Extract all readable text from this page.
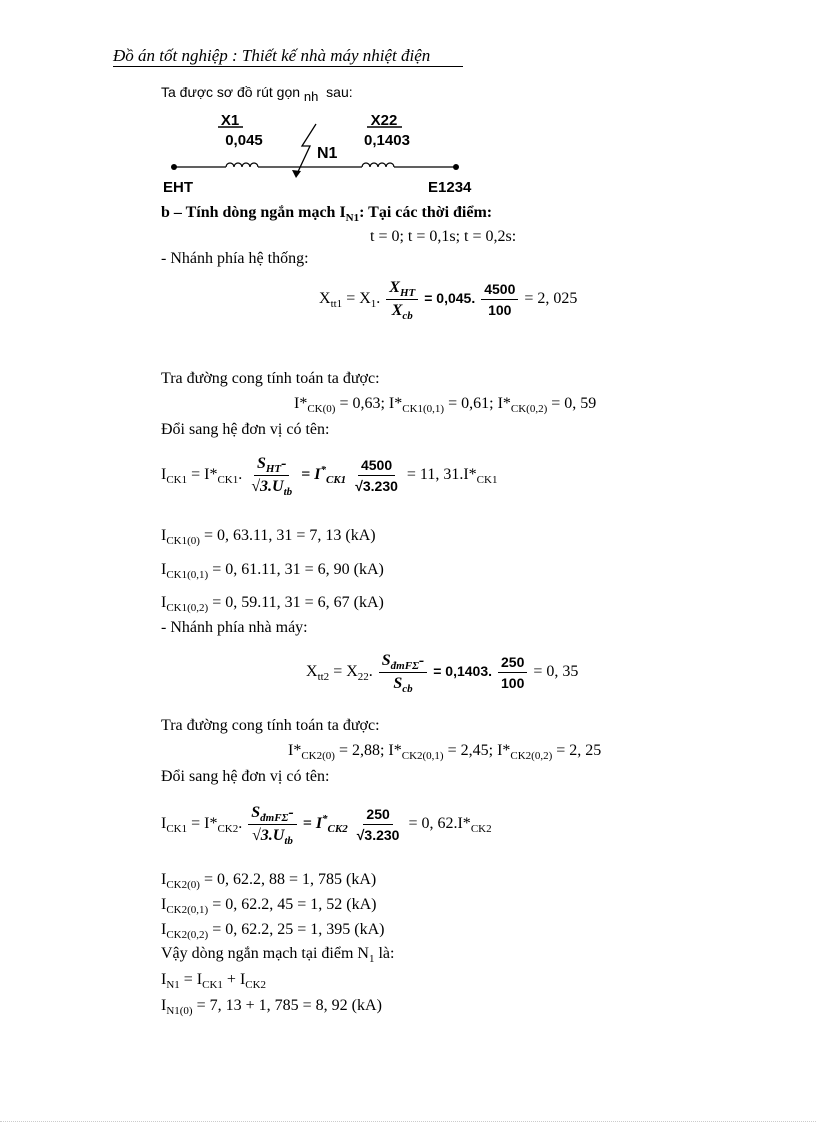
Đồ án tốt nghiệp : Thiết kế nhà máy nhiệt điện
Ta được sơ đồ rút gọn $_{nh}$ sau:
X1
0,045
X22
0,1403
N1
EHT	E1234
b – Tính dòng ngắn mạch $I_{N1}$: Tại các thời điểm:
t = 0; t = 0,1s; t = 0,2s:
- Nhánh phía hệ thống:
$X_{tt1} = X_1$. $\frac{X_{HT}}{X_{cb}} = 0,045$. $\frac{4500}{100} = 2$, 025
Tra đường cong tính toán ta được:
$I*_{CK(0)} = 0,63$; $I*_{CK1(0,1)} = 0,61$; $I*_{CK(0,2)} = 0$, 59
Đổi sang hệ đơn vị có tên:
$I_{CK1} = I*_{CK1}$. $\frac{S_{HT}-}{√3.U_{tb}} = I^*_{CK1} \frac{4500}{√3.230} = 11$, $31.I*_{CK1}$
$I_{CK1(0)} = 0$, 63.11, 31 = 7, 13 (kA)
$I_{CK1(0,1)} = 0$, 61.11, 31 = 6, 90 (kA)
$I_{CK1(0,2)} = 0$, 59.11, 31 = 6, 67 (kA)
- Nhánh phía nhà máy:
$X_{tt2} = X_{22}$. $\frac{S_{đmF\Sigma}-}{S_{cb}} = 0,1403$. $\frac{250}{100} = 0$, 35
Tra đường cong tính toán ta được:
$I*_{CK2(0)} = 2,88$; $I*_{CK2(0,1)} = 2,45$; $I*_{CK2(0,2)} = 2$, 25
Đổi sang hệ đơn vị có tên:
$I_{CK1} = I*_{CK2}$. $\frac{S_{đmF\Sigma}-}{√3.U_{tb}} = I^*_{CK2} \frac{250}{√3.230} = 0$, $62.I*_{CK2}$
$I_{CK2(0)} = 0$, 62.2, 88 = 1, 785 (kA)
$I_{CK2(0,1)} = 0$, 62.2, 45 = 1, 52 (kA)
$I_{CK2(0,2)} = 0$, 62.2, 25 = 1, 395 (kA)
Vậy dòng ngắn mạch tại điểm $N_1$ là:
$I_{N1} = I_{CK1} + I_{CK2}$
$I_{N1(0)} = 7$, 13 + 1, 785 = 8, 92 (kA)
